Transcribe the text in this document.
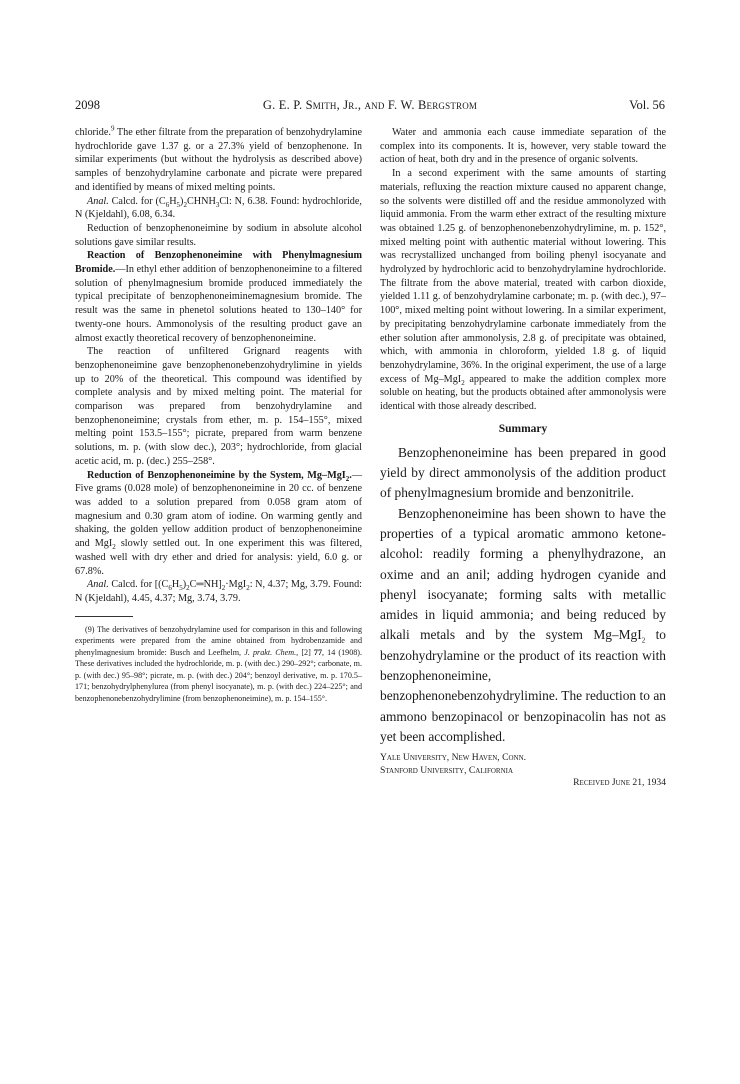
2098	G. E. P. Smith, Jr., and F. W. Bergstrom	Vol. 56

chloride.$^9$ The ether filtrate from the preparation of benzohydrylamine hydrochloride gave 1.37 g. or a 27.3% yield of benzophenone. In similar experiments (but without the hydrolysis as described above) samples of benzohydrylamine carbonate and picrate were prepared and identified by means of mixed melting points.

Anal. Calcd. for $(C_6H_5)_2CHNH_3Cl$: N, 6.38. Found: hydrochloride, N (Kjeldahl), 6.08, 6.34.

Reduction of benzophenoneimine by sodium in absolute alcohol solutions gave similar results.

Reaction of Benzophenoneimine with Phenylmagnesium Bromide.—In ethyl ether addition of benzophenoneimine to a filtered solution of phenylmagnesium bromide produced immediately the typical precipitate of benzophenoneiminemagnesium bromide. The result was the same in phenetol solutions heated to 130–140° for twenty-one hours. Ammonolysis of the resulting product gave an almost exactly theoretical recovery of benzophenoneimine.

The reaction of unfiltered Grignard reagents with benzophenoneimine gave benzophenonebenzohydrylimine in yields up to 20% of the theoretical. This compound was identified by complete analysis and by mixed melting point. The material for comparison was prepared from benzohydrylamine and benzophenoneimine; crystals from ether, m. p. 154–155°, mixed melting point 153.5–155°; picrate, prepared from warm benzene solutions, m. p. (with slow dec.), 203°; hydrochloride, from glacial acetic acid, m. p. (dec.) 255–258°.

Reduction of Benzophenoneimine by the System, Mg–MgI$_2$.—Five grams (0.028 mole) of benzophenoneimine in 20 cc. of benzene was added to a solution prepared from 0.058 gram atom of magnesium and 0.30 gram atom of iodine. On warming gently and shaking, the golden yellow addition product of benzophenoneimine and MgI$_2$ slowly settled out. In one experiment this was filtered, washed well with dry ether and dried for analysis: yield, 6.0 g. or 67.8%.

Anal. Calcd. for $[(C_6H_5)_2C═NH]_2\cdot MgI_2$: N, 4.37; Mg, 3.79. Found: N (Kjeldahl), 4.45, 4.37; Mg, 3.74, 3.79.

(9) The derivatives of benzohydrylamine used for comparison in this and following experiments were prepared from the amine obtained from hydrobenzamide and phenylmagnesium bromide: Busch and Leefhelm, J. prakt. Chem., [2] 77, 14 (1908). These derivatives included the hydrochloride, m. p. (with dec.) 290–292°; carbonate, m. p. (with dec.) 95–98°; picrate, m. p. (with dec.) 204°; benzoyl derivative, m. p. 170.5–171; benzohydrylphenylurea (from phenyl isocyanate), m. p. (with dec.) 224–225°; and benzophenonebenzohydrylimine (from benzophenoneimine), m. p. 154–155°.

Water and ammonia each cause immediate separation of the complex into its components. It is, however, very stable toward the action of heat, both dry and in the presence of organic solvents.

In a second experiment with the same amounts of starting materials, refluxing the reaction mixture caused no apparent change, so the solvents were distilled off and the residue ammonolyzed with liquid ammonia. From the warm ether extract of the resulting mixture was obtained 1.25 g. of benzophenonebenzohydrylimine, m. p. 152°, mixed melting point with authentic material without lowering. This was recrystallized unchanged from boiling phenyl isocyanate and hydrolyzed by hydrochloric acid to benzohydrylamine hydrochloride. The filtrate from the above material, treated with carbon dioxide, yielded 1.11 g. of benzohydrylamine carbonate; m. p. (with dec.), 97–100°, mixed melting point without lowering. In a similar experiment, by precipitating benzohydrylamine carbonate immediately from the ether solution after ammonolysis, 2.8 g. of precipitate was obtained, which, with ammonia in chloroform, yielded 1.8 g. of liquid benzohydrylamine, 36%. In the original experiment, the use of a large excess of Mg–MgI$_2$ appeared to make the addition complex more soluble on heating, but the products obtained after ammonolysis were identical with those already described.

Summary

Benzophenoneimine has been prepared in good yield by direct ammonolysis of the addition product of phenylmagnesium bromide and benzonitrile.

Benzophenoneimine has been shown to have the properties of a typical aromatic ammono ketone-alcohol: readily forming a phenylhydrazone, an oxime and an anil; adding hydrogen cyanide and phenyl isocyanate; forming salts with metallic amides in liquid ammonia; and being reduced by alkali metals and by the system Mg–MgI$_2$ to benzohydrylamine or the product of its reaction with benzophenoneimine, benzophenonebenzohydrylimine. The reduction to an ammono benzopinacol or benzopinacolin has not as yet been accomplished.

Yale University, New Haven, Conn.

Stanford University, California

Received June 21, 1934
